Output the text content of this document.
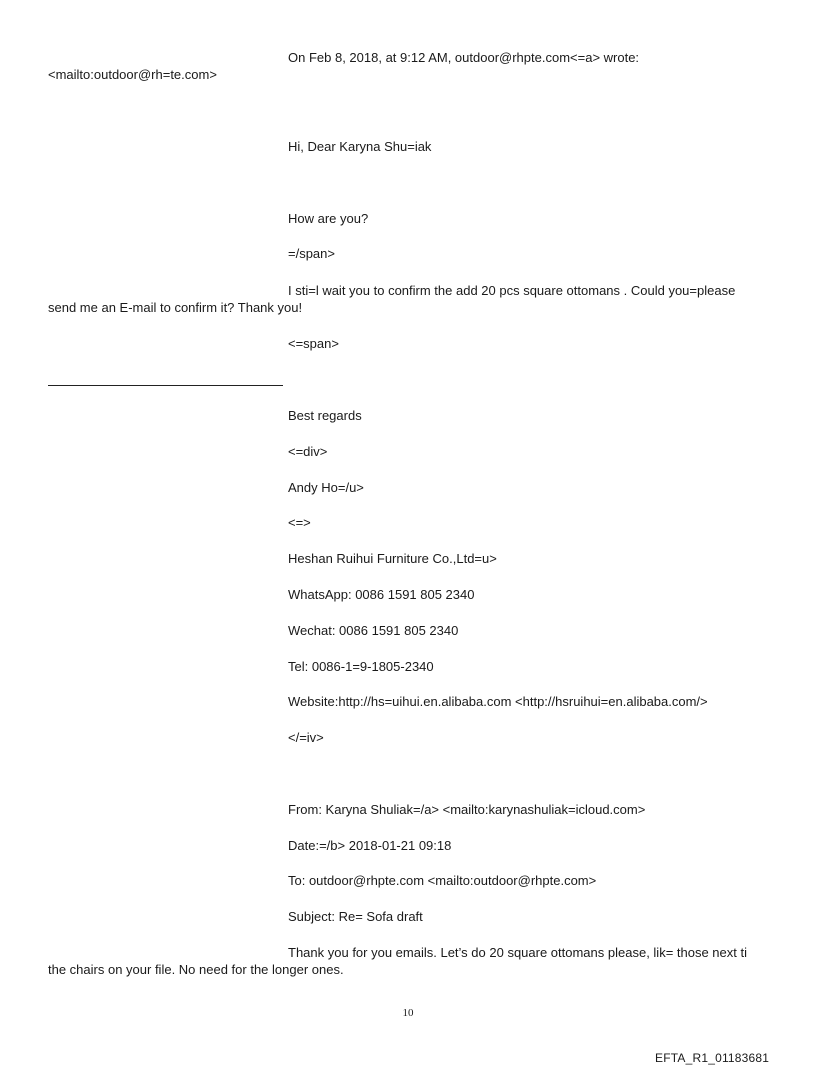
On Feb 8, 2018, at 9:12 AM, outdoor@rhpte.com<=a> wrote:

<mailto:outdoor@rh=te.com>

Hi, Dear Karyna Shu=iak

How are you?

=/span>

I sti=l wait you to confirm the add 20 pcs square ottomans . Could you=please

send me an E-mail to confirm it? Thank you!

<=span>

Best regards

<=div>

Andy Ho=/u>

<=>

Heshan Ruihui Furniture Co.,Ltd=u>

WhatsApp: 0086 1591 805 2340

Wechat: 0086 1591 805 2340

Tel: 0086-1=9-1805-2340

Website:http://hs=uihui.en.alibaba.com <http://hsruihui=en.alibaba.com/>

</=iv>

From: Karyna Shuliak=/a> <mailto:karynashuliak=icloud.com>

Date:=/b> 2018-01-21 09:18

To: outdoor@rhpte.com <mailto:outdoor@rhpte.com>

Subject: Re= Sofa draft

Thank you for you emails. Let’s do 20 square ottomans please, lik= those next ti

the chairs on your file. No need for the longer ones.

10

EFTA_R1_01183681
